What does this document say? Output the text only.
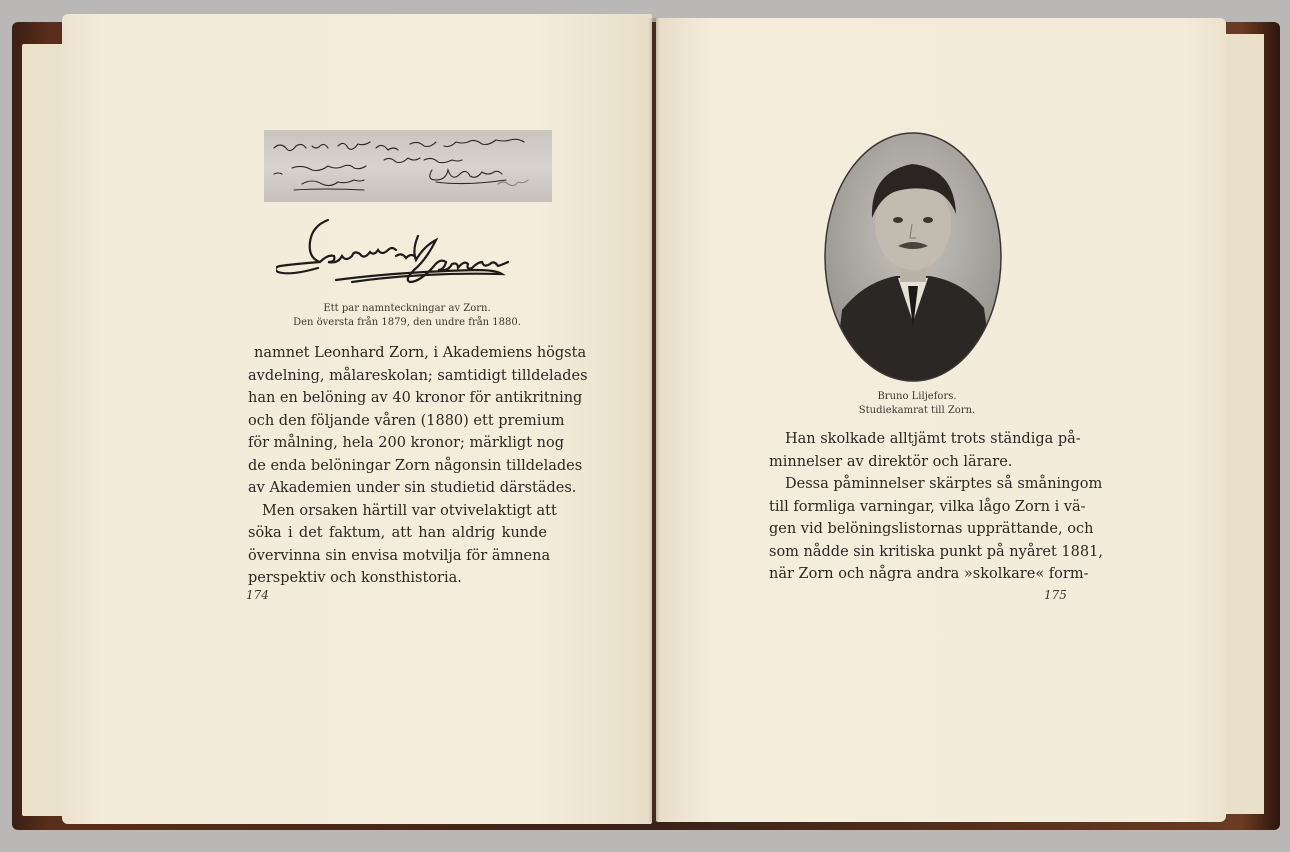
Ett par namnteckningar av Zorn.
Den översta från 1879, den undre från 1880.
namnet Leonhard Zorn, i Akademiens högsta
avdelning, målareskolan; samtidigt tilldelades
han en belöning av 40 kronor för antikritning
och den följande våren (1880) ett premium
för målning, hela 200 kronor; märkligt nog
de enda belöningar Zorn någonsin tilldelades
av Akademien under sin studietid därstädes.
Men orsaken härtill var otvivelaktigt att
söka i det faktum, att han aldrig kunde
övervinna sin envisa motvilja för ämnena
perspektiv och konsthistoria.
174
Bruno Liljefors.
Studiekamrat till Zorn.
Han skolkade alltjämt trots ständiga på-
minnelser av direktör och lärare.
Dessa påminnelser skärptes så småningom
till formliga varningar, vilka lågo Zorn i vä-
gen vid belöningslistornas upprättande, och
som nådde sin kritiska punkt på nyåret 1881,
när Zorn och några andra »skolkare« form-
175
